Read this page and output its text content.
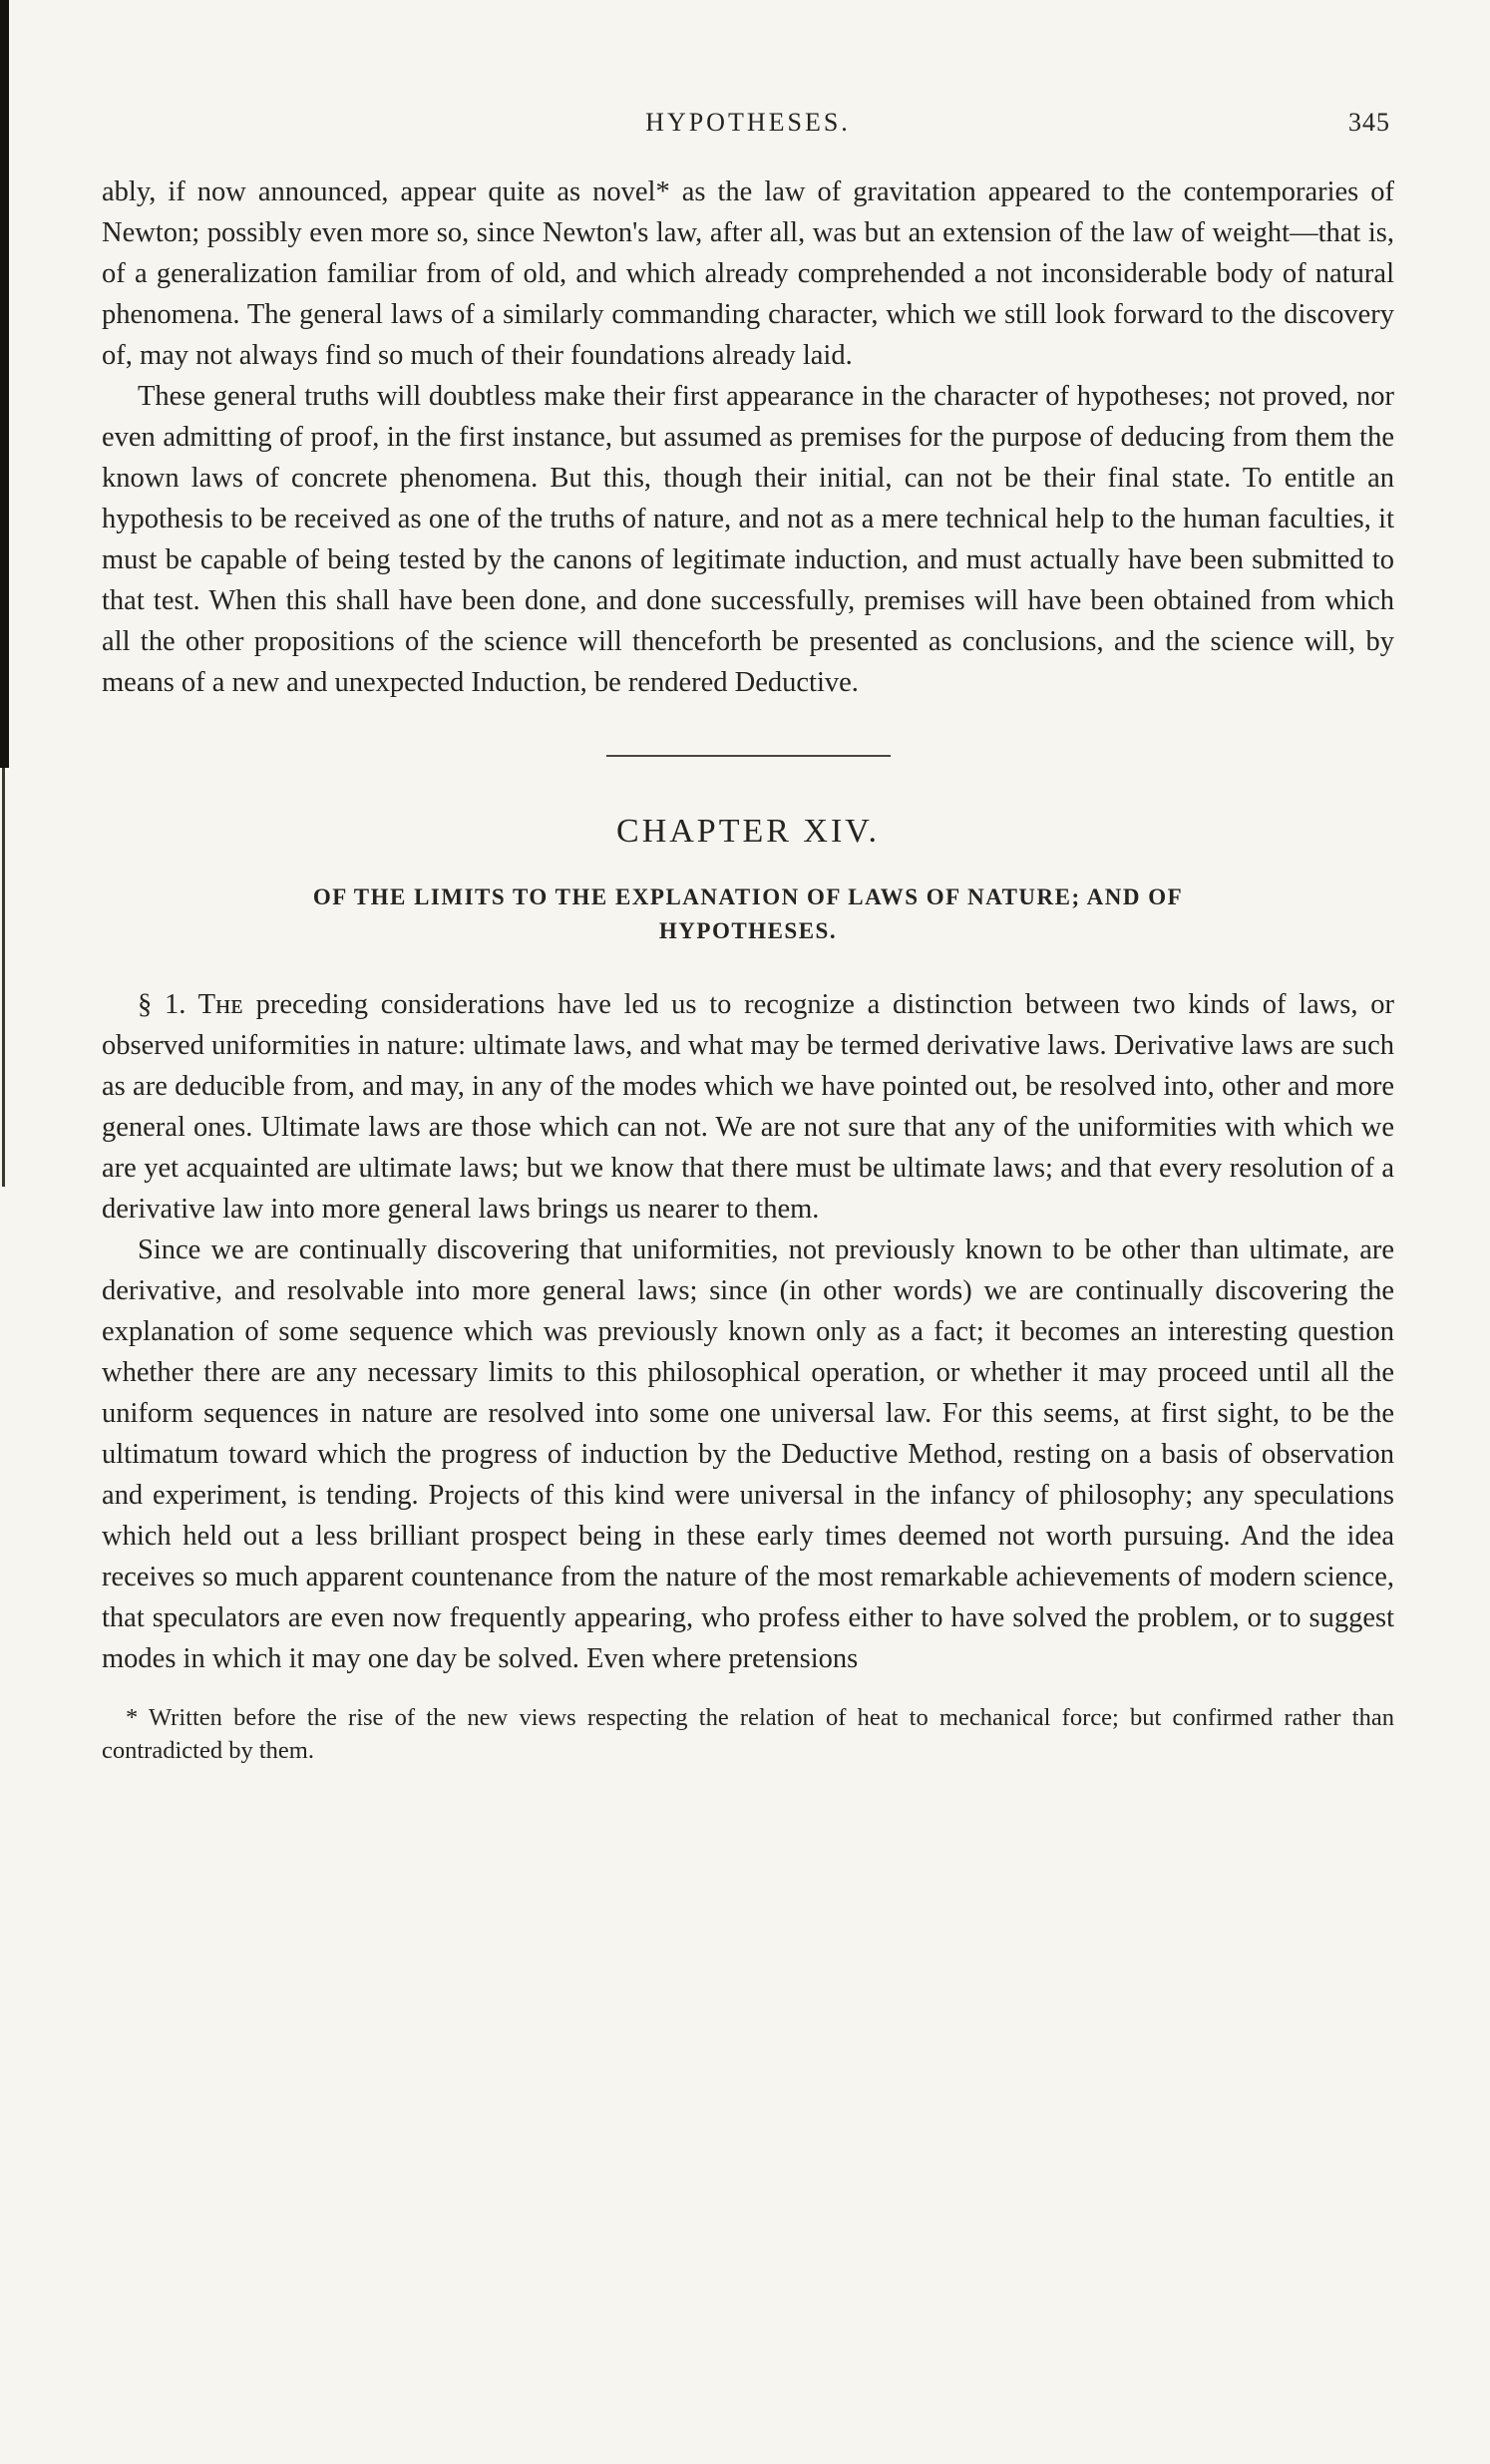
HYPOTHESES.	345

ably, if now announced, appear quite as novel* as the law of gravitation appeared to the contemporaries of Newton; possibly even more so, since Newton's law, after all, was but an extension of the law of weight—that is, of a generalization familiar from of old, and which already comprehended a not inconsiderable body of natural phenomena. The general laws of a similarly commanding character, which we still look forward to the discovery of, may not always find so much of their foundations already laid.

These general truths will doubtless make their first appearance in the character of hypotheses; not proved, nor even admitting of proof, in the first instance, but assumed as premises for the purpose of deducing from them the known laws of concrete phenomena. But this, though their initial, can not be their final state. To entitle an hypothesis to be received as one of the truths of nature, and not as a mere technical help to the human faculties, it must be capable of being tested by the canons of legitimate induction, and must actually have been submitted to that test. When this shall have been done, and done successfully, premises will have been obtained from which all the other propositions of the science will thenceforth be presented as conclusions, and the science will, by means of a new and unexpected Induction, be rendered Deductive.

CHAPTER XIV.
OF THE LIMITS TO THE EXPLANATION OF LAWS OF NATURE; AND OF
HYPOTHESES.

§ 1. Tʜᴇ preceding considerations have led us to recognize a distinction between two kinds of laws, or observed uniformities in nature: ultimate laws, and what may be termed derivative laws. Derivative laws are such as are deducible from, and may, in any of the modes which we have pointed out, be resolved into, other and more general ones. Ultimate laws are those which can not. We are not sure that any of the uniformities with which we are yet acquainted are ultimate laws; but we know that there must be ultimate laws; and that every resolution of a derivative law into more general laws brings us nearer to them.

Since we are continually discovering that uniformities, not previously known to be other than ultimate, are derivative, and resolvable into more general laws; since (in other words) we are continually discovering the explanation of some sequence which was previously known only as a fact; it becomes an interesting question whether there are any necessary limits to this philosophical operation, or whether it may proceed until all the uniform sequences in nature are resolved into some one universal law. For this seems, at first sight, to be the ultimatum toward which the progress of induction by the Deductive Method, resting on a basis of observation and experiment, is tending. Projects of this kind were universal in the infancy of philosophy; any speculations which held out a less brilliant prospect being in these early times deemed not worth pursuing. And the idea receives so much apparent countenance from the nature of the most remarkable achievements of modern science, that speculators are even now frequently appearing, who profess either to have solved the problem, or to suggest modes in which it may one day be solved. Even where pretensions

* Written before the rise of the new views respecting the relation of heat to mechanical force; but confirmed rather than contradicted by them.
